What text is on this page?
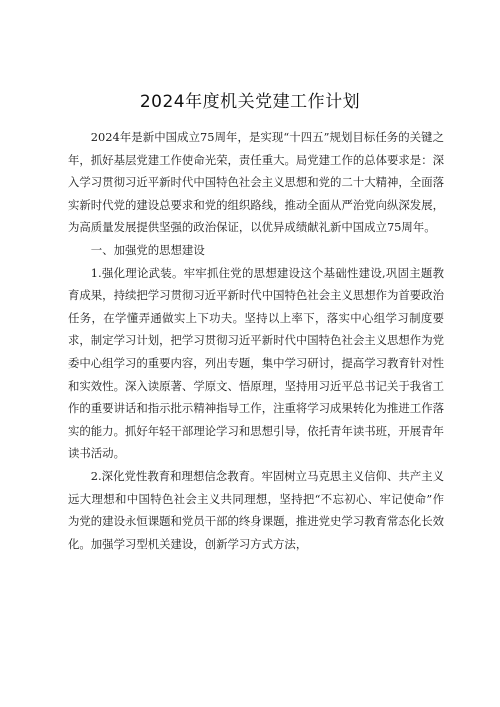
2024年度机关党建工作计划

2024年是新中国成立75周年，是实现“十四五”规划目标任务的关键之年，抓好基层党建工作使命光荣，责任重大。局党建工作的总体要求是：深入学习贯彻习近平新时代中国特色社会主义思想和党的二十大精神，全面落实新时代党的建设总要求和党的组织路线，推动全面从严治党向纵深发展，为高质量发展提供坚强的政治保证，以优异成绩献礼新中国成立75周年。

一、加强党的思想建设

1.强化理论武装。牢牢抓住党的思想建设这个基础性建设,巩固主题教育成果，持续把学习贯彻习近平新时代中国特色社会主义思想作为首要政治任务，在学懂弄通做实上下功夫。坚持以上率下，落实中心组学习制度要求，制定学习计划，把学习贯彻习近平新时代中国特色社会主义思想作为党委中心组学习的重要内容，列出专题，集中学习研讨，提高学习教育针对性和实效性。深入读原著、学原文、悟原理，坚持用习近平总书记关于我省工作的重要讲话和指示批示精神指导工作，注重将学习成果转化为推进工作落实的能力。抓好年轻干部理论学习和思想引导，依托青年读书班，开展青年读书活动。

2.深化党性教育和理想信念教育。牢固树立马克思主义信仰、共产主义远大理想和中国特色社会主义共同理想，坚持把“不忘初心、牢记使命”作为党的建设永恒课题和党员干部的终身课题，推进党史学习教育常态化长效化。加强学习型机关建设，创新学习方式方法，
